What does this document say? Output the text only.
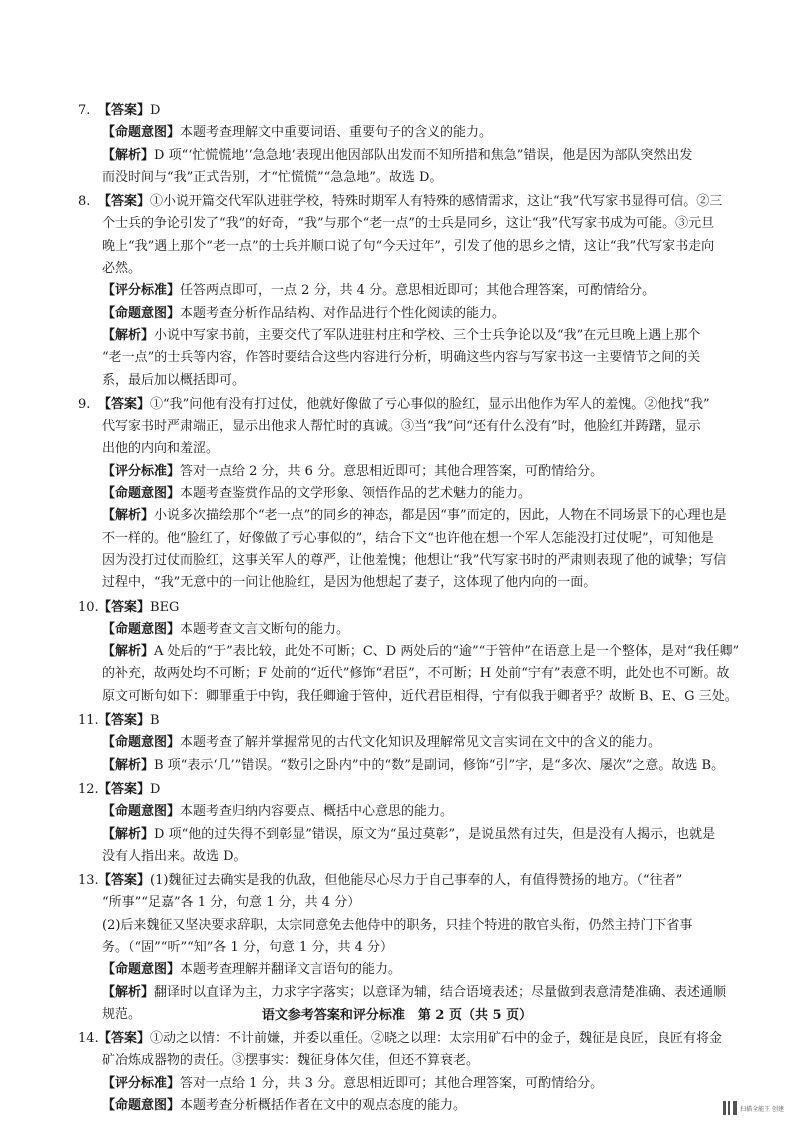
7. 【答案】D
【命题意图】本题考查理解文中重要词语、重要句子的含义的能力。
【解析】D 项“‘忙慌慌地’‘急急地’表现出他因部队出发而不知所措和焦急”错误，他是因为部队突然出发
而没时间与“我”正式告别，才“忙慌慌”“急急地”。故选 D。
8. 【答案】①小说开篇交代军队进驻学校，特殊时期军人有特殊的感情需求，这让“我”代写家书显得可信。②三
个士兵的争论引发了“我”的好奇，“我”与那个“老一点”的士兵是同乡，这让“我”代写家书成为可能。③元旦
晚上“我”遇上那个“老一点”的士兵并顺口说了句“今天过年”，引发了他的思乡之情，这让“我”代写家书走向
必然。
【评分标准】任答两点即可，一点 2 分，共 4 分。意思相近即可；其他合理答案，可酌情给分。
【命题意图】本题考查分析作品结构、对作品进行个性化阅读的能力。
【解析】小说中写家书前，主要交代了军队进驻村庄和学校、三个士兵争论以及“我”在元旦晚上遇上那个
“老一点”的士兵等内容，作答时要结合这些内容进行分析，明确这些内容与写家书这一主要情节之间的关
系，最后加以概括即可。
9. 【答案】①“我”问他有没有打过仗，他就好像做了亏心事似的脸红，显示出他作为军人的羞愧。②他找“我”
代写家书时严肃端正，显示出他求人帮忙时的真诚。③当“我”问“还有什么没有”时，他脸红并踌躇，显示
出他的内向和羞涩。
【评分标准】答对一点给 2 分，共 6 分。意思相近即可；其他合理答案，可酌情给分。
【命题意图】本题考查鉴赏作品的文学形象、领悟作品的艺术魅力的能力。
【解析】小说多次描绘那个“老一点”的同乡的神态，都是因“事”而定的，因此，人物在不同场景下的心理也是
不一样的。他“脸红了，好像做了亏心事似的”，结合下文“也许他在想一个军人怎能没打过仗呢”，可知他是
因为没打过仗而脸红，这事关军人的尊严，让他羞愧；他想让“我”代写家书时的严肃则表现了他的诚挚；写信
过程中，“我”无意中的一问让他脸红，是因为他想起了妻子，这体现了他内向的一面。
10. 【答案】BEG
【命题意图】本题考查文言文断句的能力。
【解析】A 处后的“于”表比较，此处不可断；C、D 两处后的“逾”“于管仲”在语意上是一个整体，是对“我任卿”
的补充，故两处均不可断；F 处前的“近代”修饰“君臣”，不可断；H 处前“宁有”表意不明，此处也不可断。故
原文可断句如下：卿罪重于中钩，我任卿逾于管仲，近代君臣相得，宁有似我于卿者乎？故断 B、E、G 三处。
11. 【答案】B
【命题意图】本题考查了解并掌握常见的古代文化知识及理解常见文言实词在文中的含义的能力。
【解析】B 项“表示‘几’”错误。“数引之卧内”中的“数”是副词，修饰“引”字，是“多次、屡次”之意。故选 B。
12. 【答案】D
【命题意图】本题考查归纳内容要点、概括中心意思的能力。
【解析】D 项“他的过失得不到彰显”错误，原文为“虽过莫彰”，是说虽然有过失，但是没有人揭示，也就是
没有人指出来。故选 D。
13. 【答案】(1)魏征过去确实是我的仇敌，但他能尽心尽力于自己事奉的人，有值得赞扬的地方。（“往者”
“所事”“足嘉”各 1 分，句意 1 分，共 4 分）
(2)后来魏征又坚决要求辞职，太宗同意免去他侍中的职务，只挂个特进的散官头衔，仍然主持门下省事
务。（“固”“听”“知”各 1 分，句意 1 分，共 4 分）
【命题意图】本题考查理解并翻译文言语句的能力。
【解析】翻译时以直译为主，力求字字落实；以意译为辅，结合语境表述；尽量做到表意清楚准确、表述通顺
规范。
14. 【答案】①动之以情：不计前嫌，并委以重任。②晓之以理：太宗用矿石中的金子，魏征是良匠，良匠有将金
矿冶炼成器物的责任。③摆事实：魏征身体欠佳，但还不算衰老。
【评分标准】答对一点给 1 分，共 3 分。意思相近即可；其他合理答案，可酌情给分。
【命题意图】本题考查分析概括作者在文中的观点态度的能力。
语文参考答案和评分标准　第 2 页（共 5 页）
扫描全能王 创建
